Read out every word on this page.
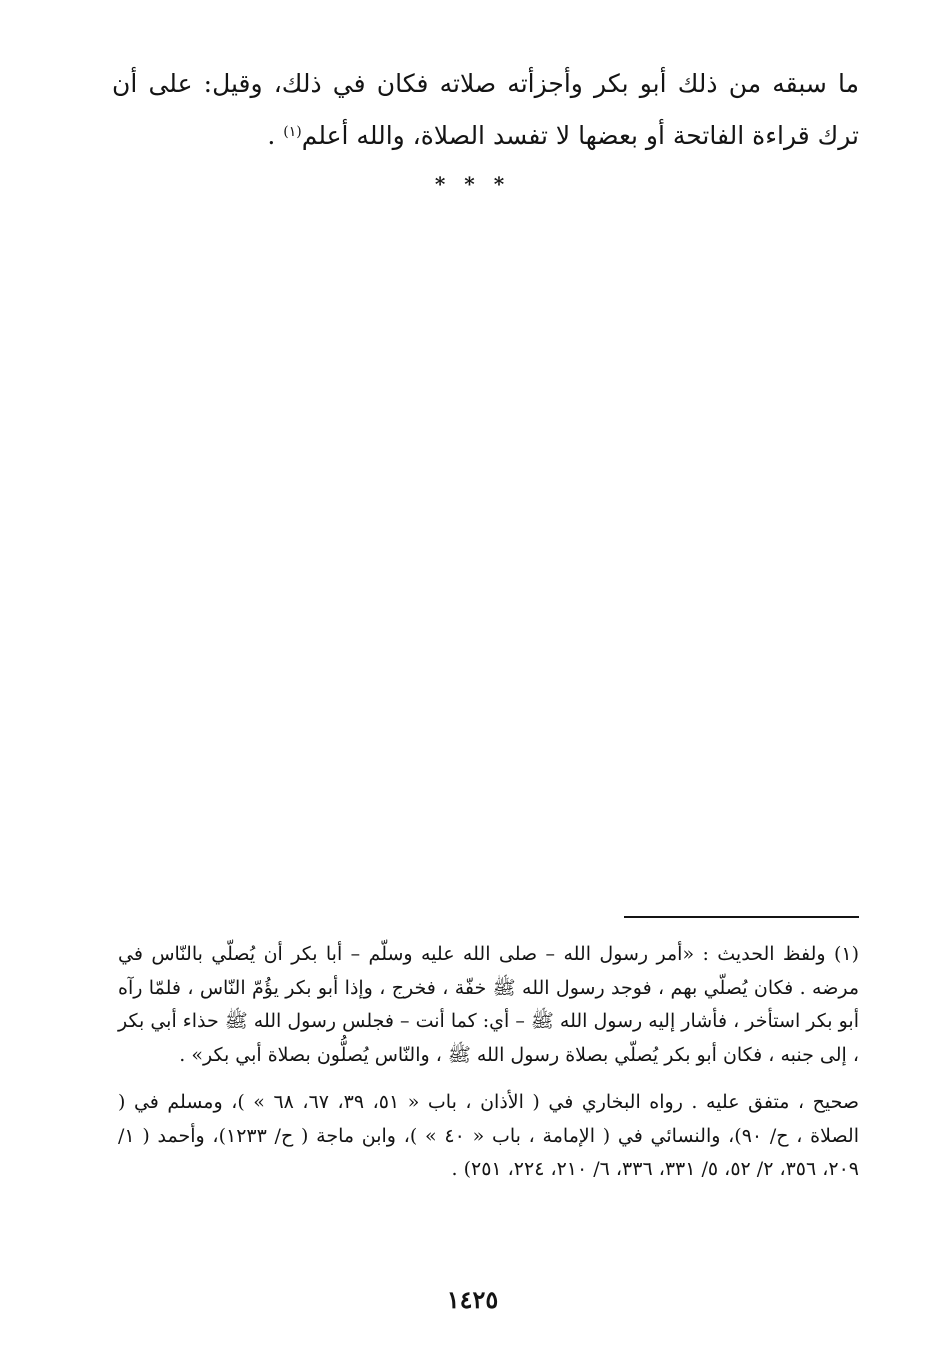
ما سبقه من ذلك أبو بكر وأجزأته صلاته فكان في ذلك، وقيل: على أن ترك قراءة الفاتحة أو بعضها لا تفسد الصلاة، والله أعلم$^{(١)}$ .

* * *

(١) ولفظ الحديث : «أمر رسول الله – صلى الله عليه وسلّم – أبا بكر أن يُصلّي بالنّاس في مرضه . فكان يُصلّي بهم ، فوجد رسول الله ﷺ خفّة ، فخرج ، وإذا أبو بكر يؤُمّ النّاس ، فلمّا رآه أبو بكر استأخر ، فأشار إليه رسول الله ﷺ – أي: كما أنت – فجلس رسول الله ﷺ حذاء أبي بكر ، إلى جنبه ، فكان أبو بكر يُصلّي بصلاة رسول الله ﷺ ، والنّاس يُصلُّون بصلاة أبي بكر» .

صحيح ، متفق عليه . رواه البخاري في ( الأذان ، باب « ٥١، ٣٩، ٦٧، ٦٨ » )، ومسلم في ( الصلاة ، ح/ ٩٠)، والنسائي في ( الإمامة ، باب « ٤٠ » )، وابن ماجة ( ح/ ١٢٣٣)، وأحمد ( ١/ ٢٠٩، ٣٥٦، ٢/ ٥٢، ٥/ ٣٣١، ٣٣٦، ٦/ ٢١٠، ٢٢٤، ٢٥١) .

١٤٢٥
